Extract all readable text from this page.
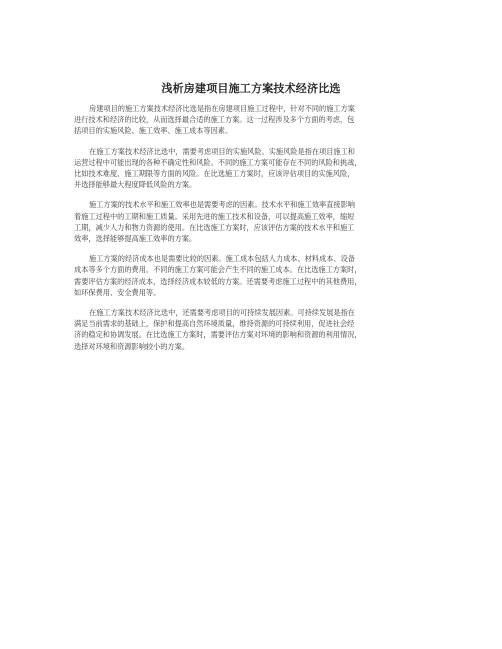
浅析房建项目施工方案技术经济比选

房建项目的施工方案技术经济比选是指在房建项目施工过程中，针对不同的施工方案
进行技术和经济的比较，从而选择最合适的施工方案。这一过程涉及多个方面的考虑，包
括项目的实施风险、施工效率、施工成本等因素。

在施工方案技术经济比选中，需要考虑项目的实施风险。实施风险是指在项目施工和
运营过程中可能出现的各种不确定性和风险。不同的施工方案可能存在不同的风险和挑战，
比如技术难度、施工期限等方面的风险。在比选施工方案时，应该评估项目的实施风险，
并选择能够最大程度降低风险的方案。

施工方案的技术水平和施工效率也是需要考虑的因素。技术水平和施工效率直接影响
着施工过程中的工期和施工质量。采用先进的施工技术和设备，可以提高施工效率，缩短
工期，减少人力和物力资源的使用。在比选施工方案时，应该评估方案的技术水平和施工
效率，选择能够提高施工效率的方案。

施工方案的经济成本也是需要比较的因素。施工成本包括人力成本、材料成本、设备
成本等多个方面的费用。不同的施工方案可能会产生不同的施工成本。在比选施工方案时，
需要评估方案的经济成本，选择经济成本较低的方案。还需要考虑施工过程中的其他费用，
如环保费用、安全费用等。

在施工方案技术经济比选中，还需要考虑项目的可持续发展因素。可持续发展是指在
满足当前需求的基础上，保护和提高自然环境质量，维持资源的可持续利用，促进社会经
济的稳定和协调发展。在比选施工方案时，需要评估方案对环境的影响和资源的利用情况，
选择对环境和资源影响较小的方案。
